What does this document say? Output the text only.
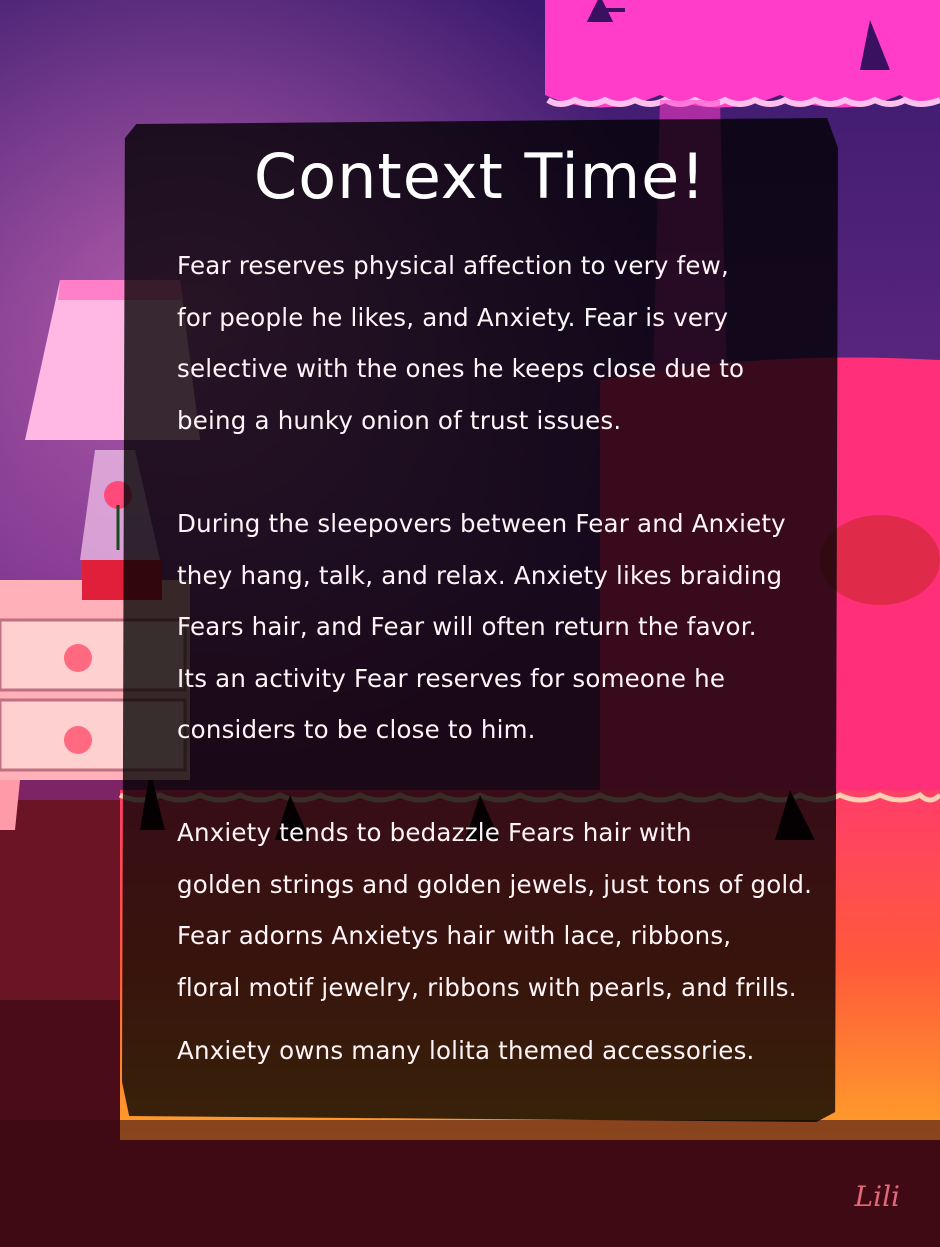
Context Time!

Fear reserves physical affection to very few,
for people he likes, and Anxiety. Fear is very
selective with the ones he keeps close due to
being a hunky onion of trust issues.

During the sleepovers between Fear and Anxiety
they hang, talk, and relax. Anxiety likes braiding
Fears hair, and Fear will often return the favor.
Its an activity Fear reserves for someone he
considers to be close to him.

Anxiety tends to bedazzle Fears hair with
golden strings and golden jewels, just tons of gold.
Fear adorns Anxietys hair with lace, ribbons,
floral motif jewelry, ribbons with pearls, and frills.

Anxiety owns many lolita themed accessories.

Lili
